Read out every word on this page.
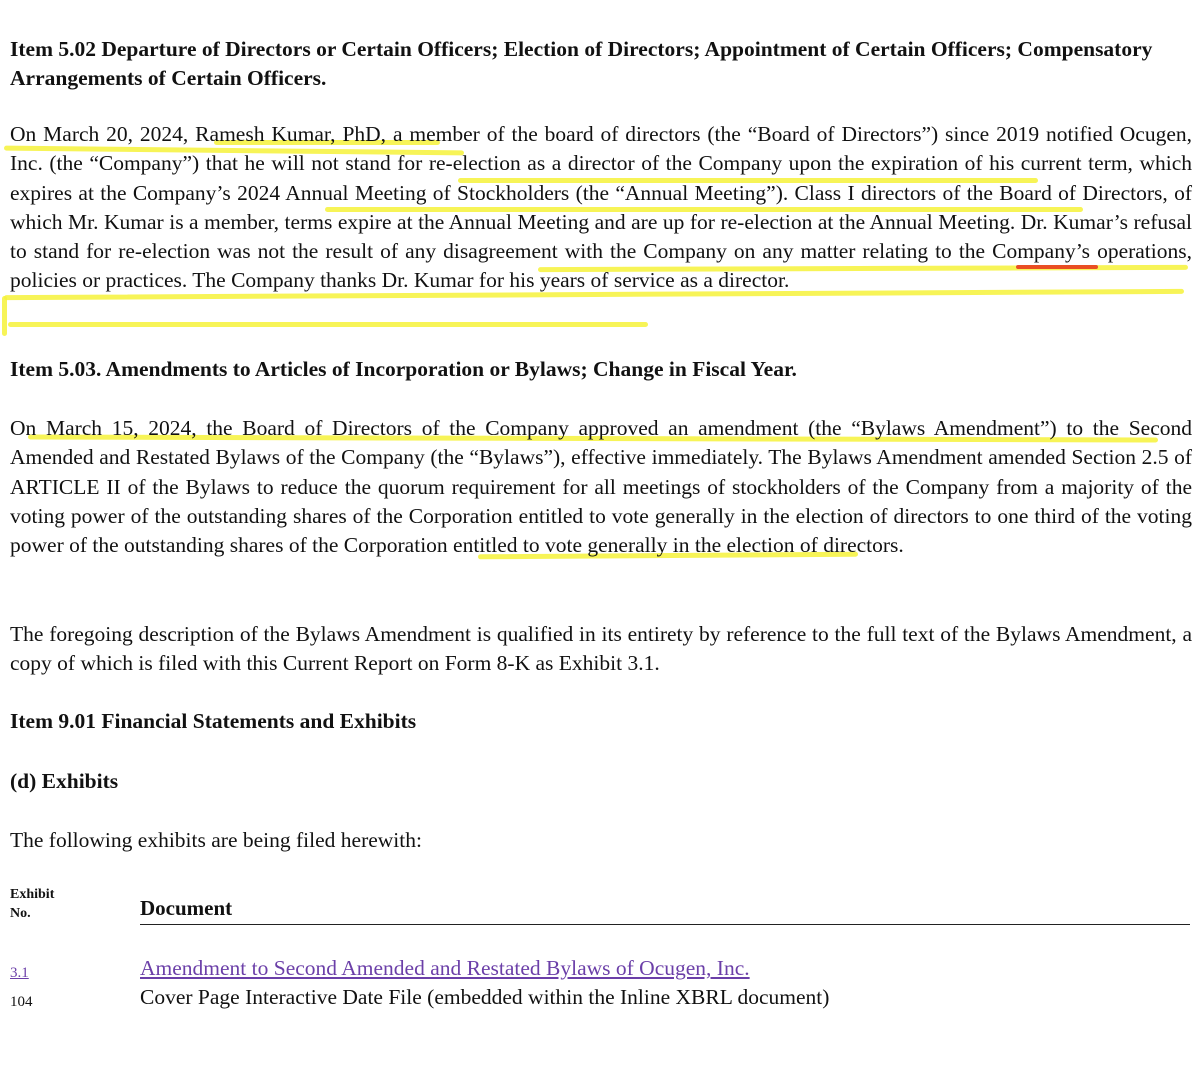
Item 5.02 Departure of Directors or Certain Officers; Election of Directors; Appointment of Certain Officers; Compensatory Arrangements of Certain Officers.

On March 20, 2024, Ramesh Kumar, PhD, a member of the board of directors (the “Board of Directors”) since 2019 notified Ocugen, Inc. (the “Company”) that he will not stand for re-election as a director of the Company upon the expiration of his current term, which expires at the Company’s 2024 Annual Meeting of Stockholders (the “Annual Meeting”). Class I directors of the Board of Directors, of which Mr. Kumar is a member, terms expire at the Annual Meeting and are up for re-election at the Annual Meeting. Dr. Kumar’s refusal to stand for re-election was not the result of any disagreement with the Company on any matter relating to the Company’s operations, policies or practices. The Company thanks Dr. Kumar for his years of service as a director.

Item 5.03. Amendments to Articles of Incorporation or Bylaws; Change in Fiscal Year.

On March 15, 2024, the Board of Directors of the Company approved an amendment (the “Bylaws Amendment”) to the Second Amended and Restated Bylaws of the Company (the “Bylaws”), effective immediately. The Bylaws Amendment amended Section 2.5 of ARTICLE II of the Bylaws to reduce the quorum requirement for all meetings of stockholders of the Company from a majority of the voting power of the outstanding shares of the Corporation entitled to vote generally in the election of directors to one third of the voting power of the outstanding shares of the Corporation entitled to vote generally in the election of directors.

The foregoing description of the Bylaws Amendment is qualified in its entirety by reference to the full text of the Bylaws Amendment, a copy of which is filed with this Current Report on Form 8-K as Exhibit 3.1.

Item 9.01 Financial Statements and Exhibits
(d) Exhibits

The following exhibits are being filed herewith:

Exhibit
No.	Document
3.1	Amendment to Second Amended and Restated Bylaws of Ocugen, Inc.
104	Cover Page Interactive Date File (embedded within the Inline XBRL document)
